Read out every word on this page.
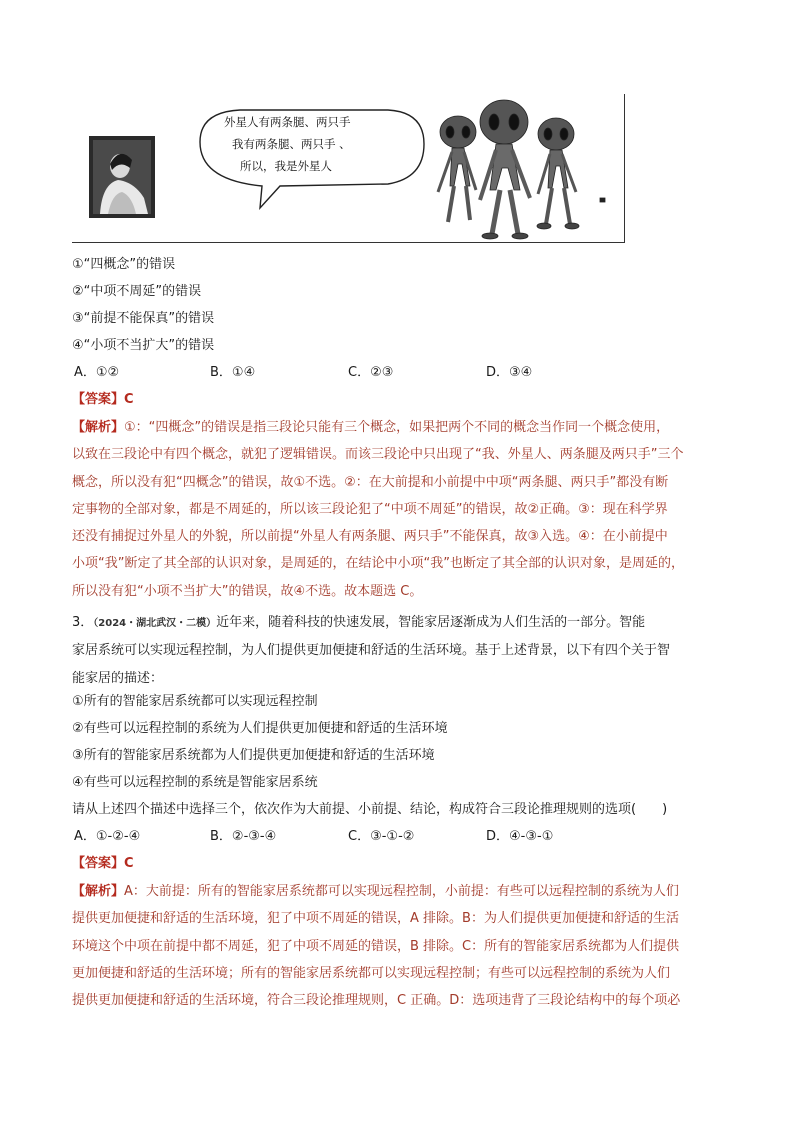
外星人有两条腿、两只手
我有两条腿、两只手 、
所以，我是外星人
①“四概念”的错误
②“中项不周延”的错误
③“前提不能保真”的错误
④“小项不当扩大”的错误
A．①②	B．①④	C．②③	D．③④
【答案】C
【解析】①：“四概念”的错误是指三段论只能有三个概念，如果把两个不同的概念当作同一个概念使用，
以致在三段论中有四个概念，就犯了逻辑错误。而该三段论中只出现了“我、外星人、两条腿及两只手”三个
概念，所以没有犯“四概念”的错误，故①不选。②：在大前提和小前提中中项“两条腿、两只手”都没有断
定事物的全部对象，都是不周延的，所以该三段论犯了“中项不周延”的错误，故②正确。③：现在科学界
还没有捕捉过外星人的外貌，所以前提“外星人有两条腿、两只手”不能保真，故③入选。④：在小前提中
小项“我”断定了其全部的认识对象，是周延的，在结论中小项“我”也断定了其全部的认识对象，是周延的，
所以没有犯“小项不当扩大”的错误，故④不选。故本题选 C。
3．（2024・湖北武汉・二模）近年来，随着科技的快速发展，智能家居逐渐成为人们生活的一部分。智能
家居系统可以实现远程控制，为人们提供更加便捷和舒适的生活环境。基于上述背景，以下有四个关于智
能家居的描述：
①所有的智能家居系统都可以实现远程控制
②有些可以远程控制的系统为人们提供更加便捷和舒适的生活环境
③所有的智能家居系统都为人们提供更加便捷和舒适的生活环境
④有些可以远程控制的系统是智能家居系统
请从上述四个描述中选择三个，依次作为大前提、小前提、结论，构成符合三段论推理规则的选项(　　)
A．①-②-④	B．②-③-④	C．③-①-②	D．④-③-①
【答案】C
【解析】A：大前提：所有的智能家居系统都可以实现远程控制，小前提：有些可以远程控制的系统为人们
提供更加便捷和舒适的生活环境，犯了中项不周延的错误，A 排除。B：为人们提供更加便捷和舒适的生活
环境这个中项在前提中都不周延，犯了中项不周延的错误，B 排除。C：所有的智能家居系统都为人们提供
更加便捷和舒适的生活环境；所有的智能家居系统都可以实现远程控制；有些可以远程控制的系统为人们
提供更加便捷和舒适的生活环境，符合三段论推理规则，C 正确。D：选项违背了三段论结构中的每个项必
